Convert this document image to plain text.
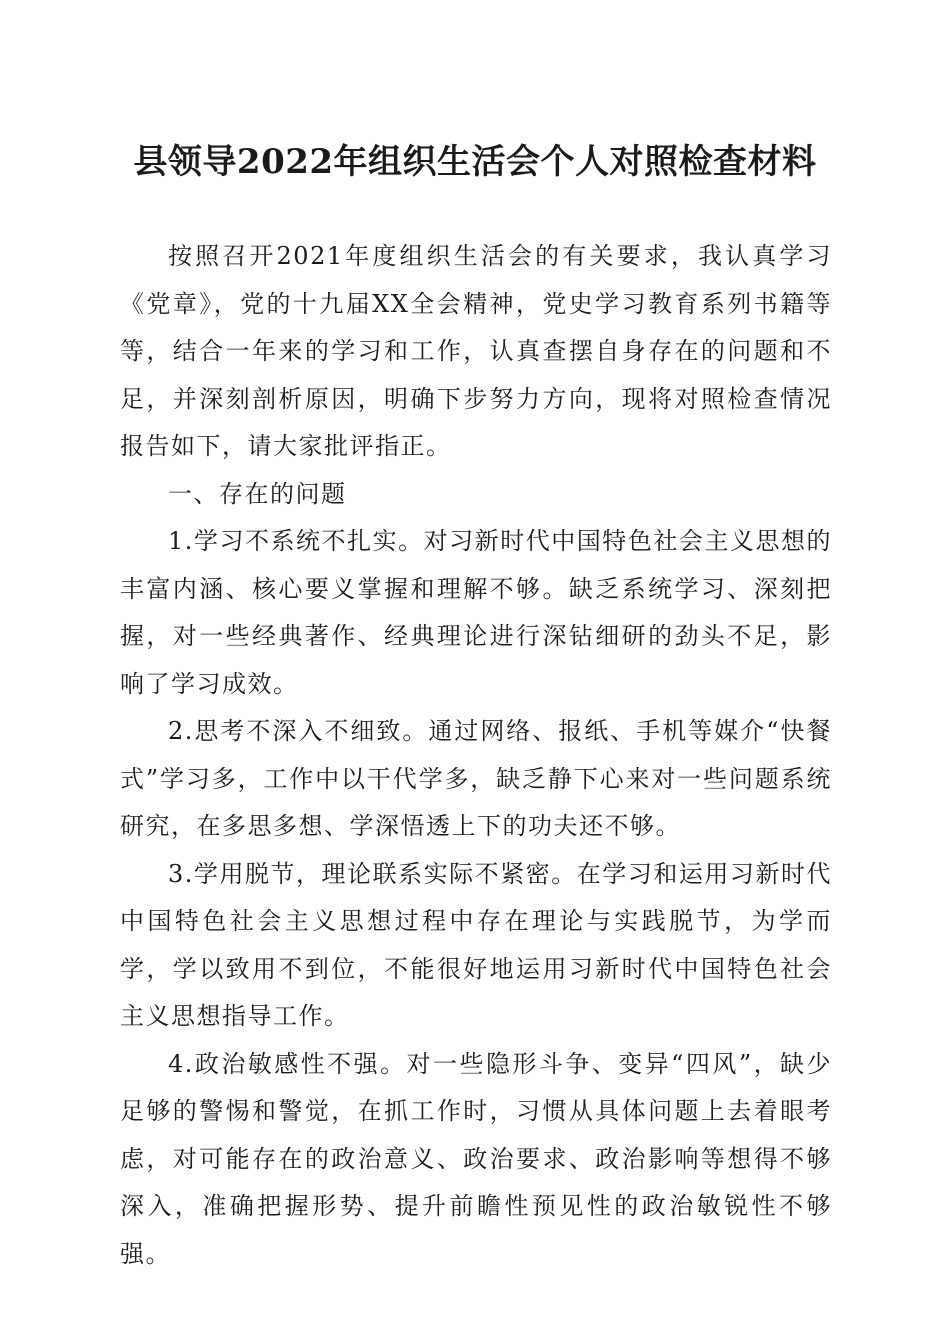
县领导2022年组织生活会个人对照检查材料

按照召开2021年度组织生活会的有关要求，我认真学习《党章》，党的十九届XX全会精神，党史学习教育系列书籍等等，结合一年来的学习和工作，认真查摆自身存在的问题和不足，并深刻剖析原因，明确下步努力方向，现将对照检查情况报告如下，请大家批评指正。

一、存在的问题

1.学习不系统不扎实。对习新时代中国特色社会主义思想的丰富内涵、核心要义掌握和理解不够。缺乏系统学习、深刻把握，对一些经典著作、经典理论进行深钻细研的劲头不足，影响了学习成效。

2.思考不深入不细致。通过网络、报纸、手机等媒介“快餐式”学习多，工作中以干代学多，缺乏静下心来对一些问题系统研究，在多思多想、学深悟透上下的功夫还不够。

3.学用脱节，理论联系实际不紧密。在学习和运用习新时代中国特色社会主义思想过程中存在理论与实践脱节，为学而学，学以致用不到位，不能很好地运用习新时代中国特色社会主义思想指导工作。

4.政治敏感性不强。对一些隐形斗争、变异“四风”，缺少足够的警惕和警觉，在抓工作时，习惯从具体问题上去着眼考虑，对可能存在的政治意义、政治要求、政治影响等想得不够深入，准确把握形势、提升前瞻性预见性的政治敏锐性不够强。
